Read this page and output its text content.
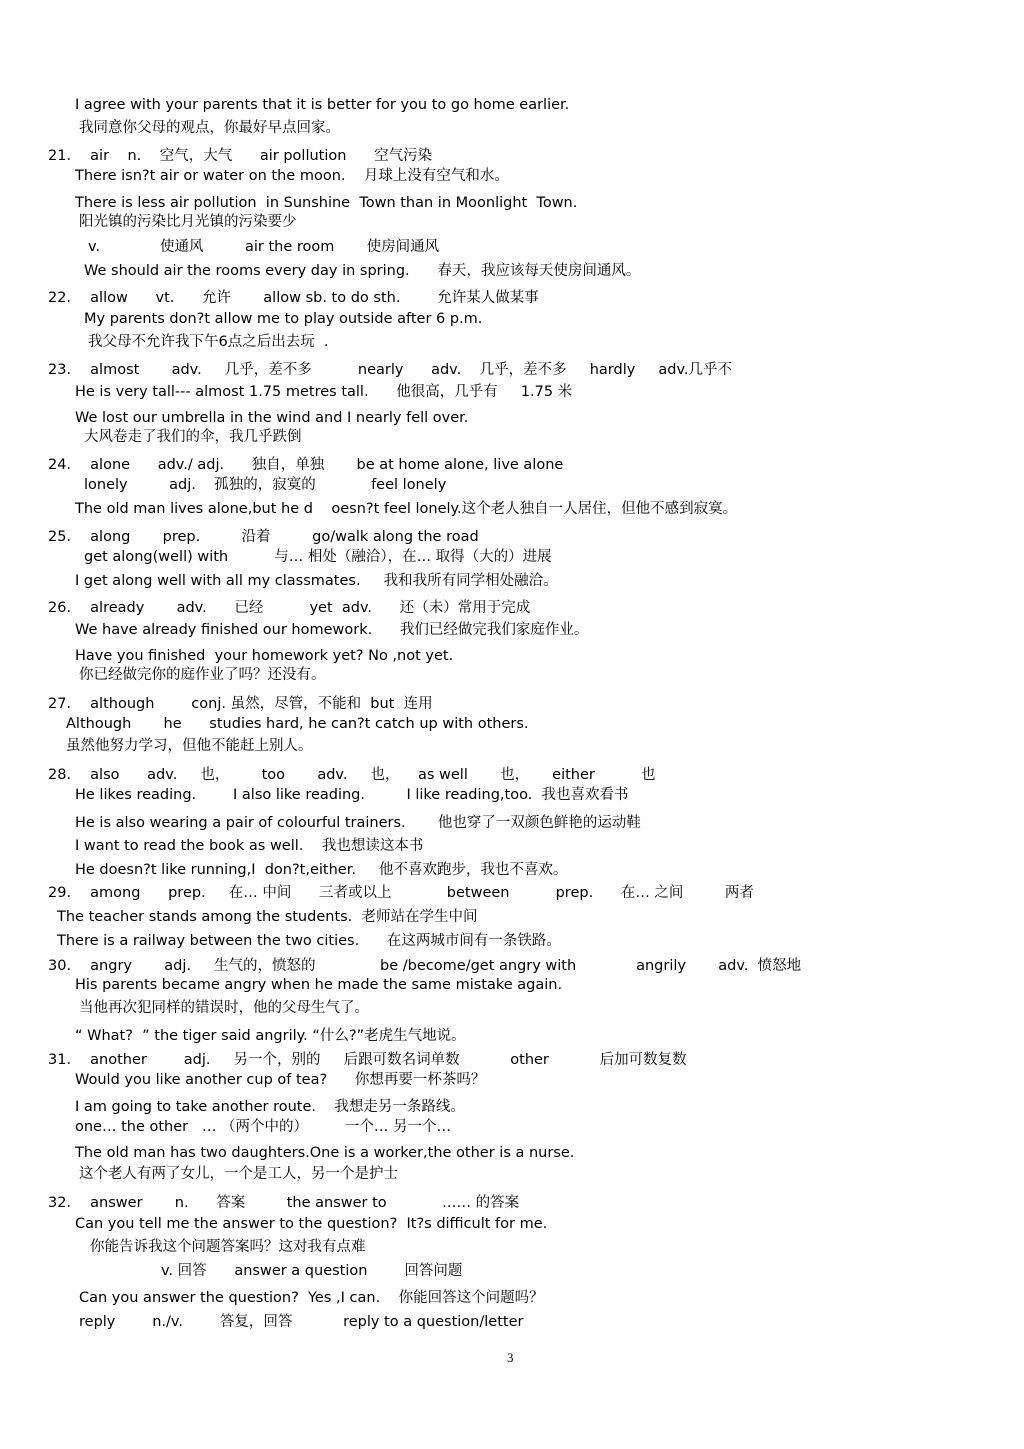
I agree with your parents that it is better for you to go home earlier.
我同意你父母的观点，你最好早点回家。
21．  air    n.    空气，大气      air pollution      空气污染
There isn?t air or water on the moon.    月球上没有空气和水。
There is less air pollution  in Sunshine  Town than in Moonlight  Town.
阳光镇的污染比月光镇的污染要少
v.             使通风         air the room       使房间通风
We should air the rooms every day in spring.      春天，我应该每天使房间通风。
22．  allow      vt.      允许       allow sb. to do sth.        允许某人做某事
My parents don?t allow me to play outside after 6 p.m.
我父母不允许我下午6点之后出去玩  .
23．  almost       adv.     几乎，差不多          nearly      adv.    几乎，差不多     hardly     adv.几乎不
He is very tall--- almost 1.75 metres tall.      他很高，几乎有     1.75 米
We lost our umbrella in the wind and I nearly fell over.
大风卷走了我们的伞，我几乎跌倒
24．  alone      adv./ adj.      独自，单独       be at home alone, live alone
lonely         adj.    孤独的，寂寞的            feel lonely
The old man lives alone,but he d    oesn?t feel lonely.这个老人独自一人居住，但他不感到寂寞。
25．  along       prep.         沿着         go/walk along the road
get along(well) with          与… 相处（融洽），在… 取得（大的）进展
I get along well with all my classmates.     我和我所有同学相处融洽。
26．  already       adv.      已经          yet  adv.      还（未）常用于完成
We have already finished our homework.      我们已经做完我们家庭作业。
Have you finished  your homework yet? No ,not yet.
你已经做完你的庭作业了吗？还没有。
27．  although        conj. 虽然，尽管，不能和  but  连用
Although       he      studies hard, he can?t catch up with others.
虽然他努力学习，但他不能赶上别人。
28．  also      adv.     也，       too       adv.     也，    as well       也，     either          也
He likes reading.        I also like reading.         I like reading,too.  我也喜欢看书
He is also wearing a pair of colourful trainers.       他也穿了一双颜色鲜艳的运动鞋
I want to read the book as well.    我也想读这本书
He doesn?t like running,I  don?t,either.     他不喜欢跑步，我也不喜欢。
29．  among      prep.     在… 中间      三者或以上            between          prep.      在… 之间         两者
The teacher stands among the students.  老师站在学生中间
There is a railway between the two cities.      在这两城市间有一条铁路。
30．  angry       adj.     生气的，愤怒的              be /become/get angry with             angrily       adv.  愤怒地
His parents became angry when he made the same mistake again.
当他再次犯同样的错误时，他的父母生气了。
“ What?  ” the tiger said angrily. “什么?”老虎生气地说。
31．  another        adj.     另一个，别的     后跟可数名词单数           other           后加可数复数
Would you like another cup of tea?      你想再要一杯茶吗？
I am going to take another route.    我想走另一条路线。
one… the other   … （两个中的）        一个… 另一个…
The old man has two daughters.One is a worker,the other is a nurse.
这个老人有两了女儿，一个是工人，另一个是护士
32．  answer       n.      答案         the answer to            …… 的答案
Can you tell me the answer to the question?  It?s difficult for me.
你能告诉我这个问题答案吗？这对我有点难
v. 回答      answer a question        回答问题
Can you answer the question?  Yes ,I can.    你能回答这个问题吗？
reply        n./v.        答复，回答           reply to a question/letter
3
